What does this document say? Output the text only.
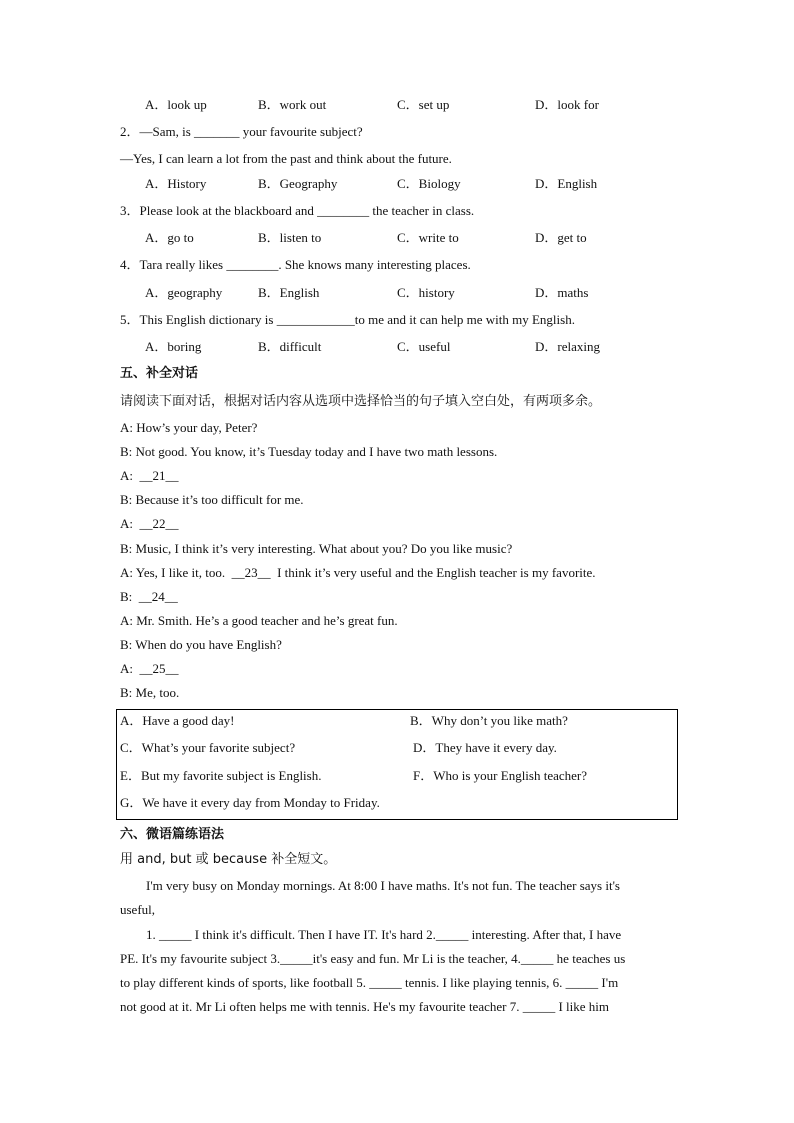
A．look up	B．work out	C．set up	D．look for
2．—Sam, is _______ your favourite subject?
—Yes, I can learn a lot from the past and think about the future.
A．History	B．Geography	C．Biology	D．English
3．Please look at the blackboard and ________ the teacher in class.
A．go to	B．listen to	C．write to	D．get to
4．Tara really likes ________. She knows many interesting places.
A．geography	B．English	C．history	D．maths
5．This English dictionary is ____________to me and it can help me with my English.
A．boring	B．difficult	C．useful	D．relaxing
五、补全对话
请阅读下面对话，根据对话内容从选项中选择恰当的句子填入空白处，有两项多余。
A: How’s your day, Peter?
B: Not good. You know, it’s Tuesday today and I have two math lessons.
A:  __21__
B: Because it’s too difficult for me.
A:  __22__
B: Music, I think it’s very interesting. What about you? Do you like music?
A: Yes, I like it, too.  __23__  I think it’s very useful and the English teacher is my favorite.
B:  __24__
A: Mr. Smith. He’s a good teacher and he’s great fun.
B: When do you have English?
A:  __25__
B: Me, too.
A．Have a good day!	B．Why don’t you like math?
C．What’s your favorite subject?	D．They have it every day.
E．But my favorite subject is English.	F．Who is your English teacher?
G．We have it every day from Monday to Friday.
六、微语篇练语法
用 and, but 或 because 补全短文。
I'm very busy on Monday mornings. At 8:00 I have maths. It's not fun. The teacher says it's
useful,
1. _____ I think it's difficult. Then I have IT. It's hard 2._____ interesting. After that, I have
PE. It's my favourite subject 3._____it's easy and fun. Mr Li is the teacher, 4._____ he teaches us
to play different kinds of sports, like football 5. _____ tennis. I like playing tennis, 6. _____ I'm
not good at it. Mr Li often helps me with tennis. He's my favourite teacher 7. _____ I like him
